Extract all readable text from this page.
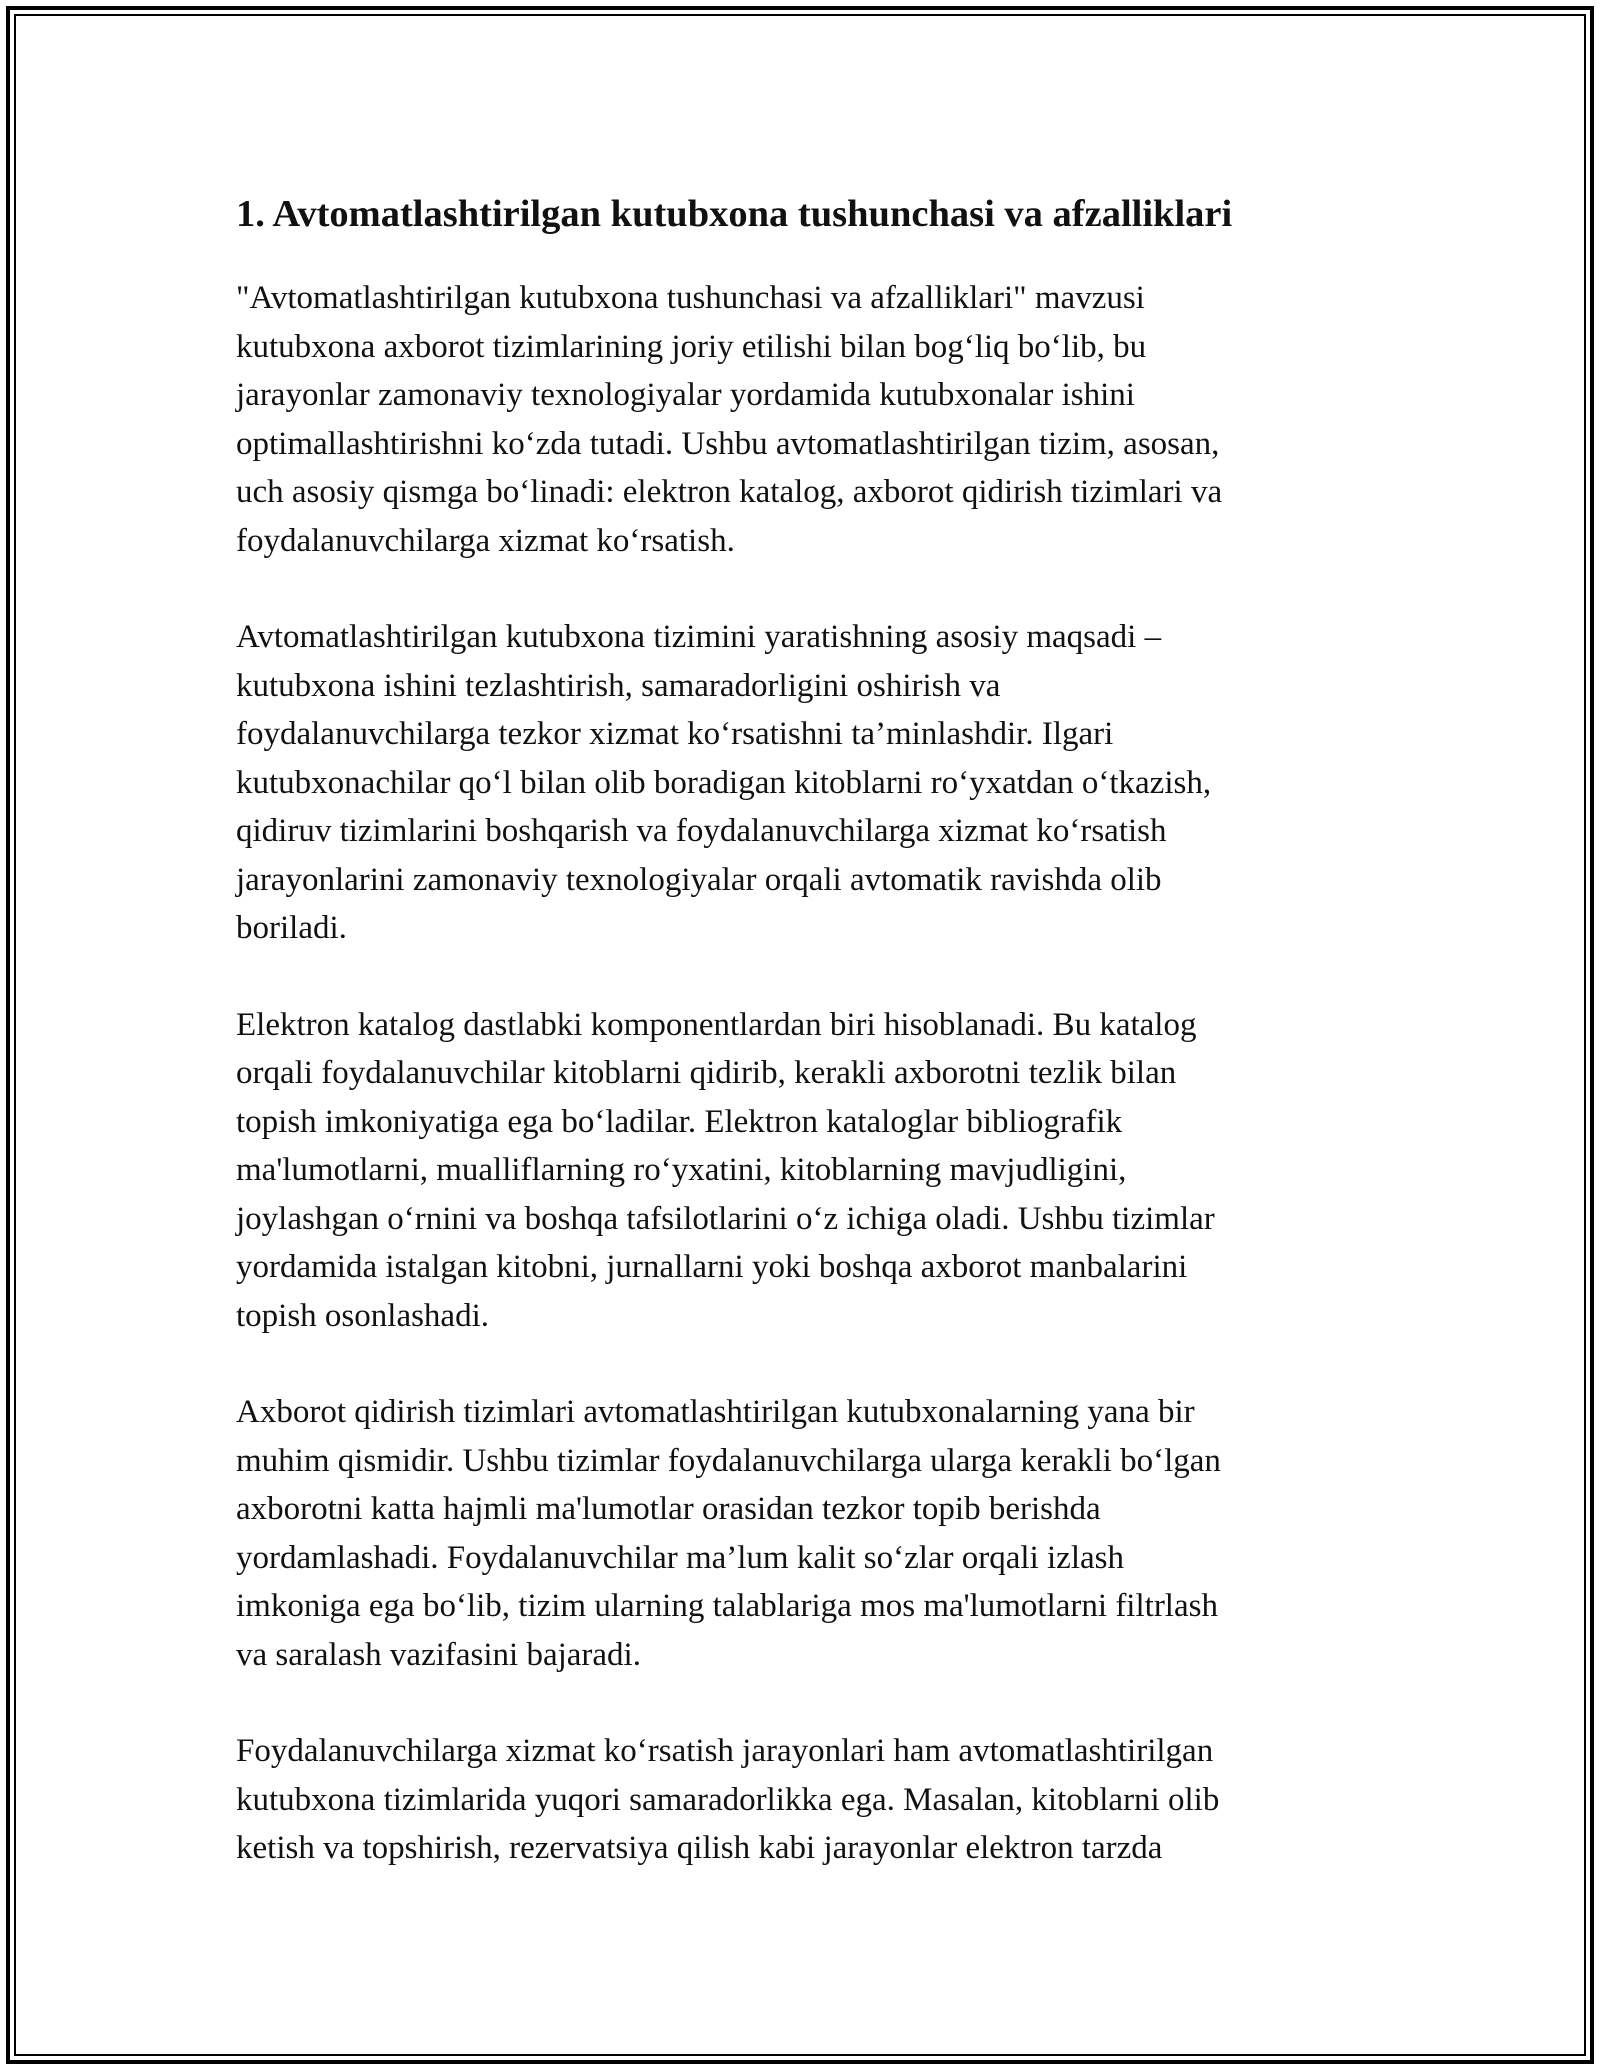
1. Avtomatlashtirilgan kutubxona tushunchasi va afzalliklari

"Avtomatlashtirilgan kutubxona tushunchasi va afzalliklari" mavzusi
kutubxona axborot tizimlarining joriy etilishi bilan bog‘liq bo‘lib, bu
jarayonlar zamonaviy texnologiyalar yordamida kutubxonalar ishini
optimallashtirishni ko‘zda tutadi. Ushbu avtomatlashtirilgan tizim, asosan,
uch asosiy qismga bo‘linadi: elektron katalog, axborot qidirish tizimlari va
foydalanuvchilarga xizmat ko‘rsatish.

Avtomatlashtirilgan kutubxona tizimini yaratishning asosiy maqsadi –
kutubxona ishini tezlashtirish, samaradorligini oshirish va
foydalanuvchilarga tezkor xizmat ko‘rsatishni ta’minlashdir. Ilgari
kutubxonachilar qo‘l bilan olib boradigan kitoblarni ro‘yxatdan o‘tkazish,
qidiruv tizimlarini boshqarish va foydalanuvchilarga xizmat ko‘rsatish
jarayonlarini zamonaviy texnologiyalar orqali avtomatik ravishda olib
boriladi.

Elektron katalog dastlabki komponentlardan biri hisoblanadi. Bu katalog
orqali foydalanuvchilar kitoblarni qidirib, kerakli axborotni tezlik bilan
topish imkoniyatiga ega bo‘ladilar. Elektron kataloglar bibliografik
ma'lumotlarni, mualliflarning ro‘yxatini, kitoblarning mavjudligini,
joylashgan o‘rnini va boshqa tafsilotlarini o‘z ichiga oladi. Ushbu tizimlar
yordamida istalgan kitobni, jurnallarni yoki boshqa axborot manbalarini
topish osonlashadi.

Axborot qidirish tizimlari avtomatlashtirilgan kutubxonalarning yana bir
muhim qismidir. Ushbu tizimlar foydalanuvchilarga ularga kerakli bo‘lgan
axborotni katta hajmli ma'lumotlar orasidan tezkor topib berishda
yordamlashadi. Foydalanuvchilar ma’lum kalit so‘zlar orqali izlash
imkoniga ega bo‘lib, tizim ularning talablariga mos ma'lumotlarni filtrlash
va saralash vazifasini bajaradi.

Foydalanuvchilarga xizmat ko‘rsatish jarayonlari ham avtomatlashtirilgan
kutubxona tizimlarida yuqori samaradorlikka ega. Masalan, kitoblarni olib
ketish va topshirish, rezervatsiya qilish kabi jarayonlar elektron tarzda
